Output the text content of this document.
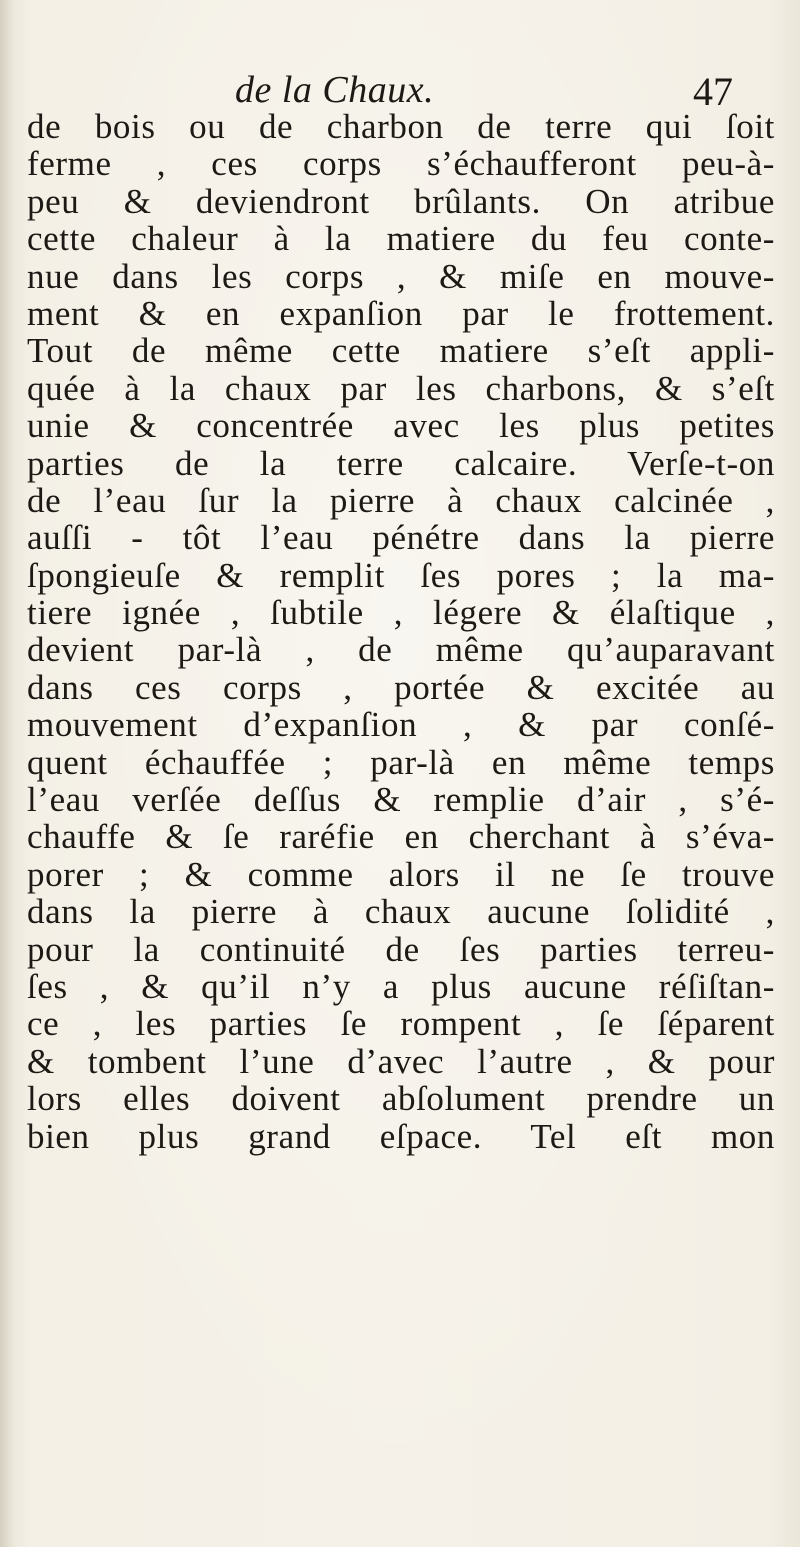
de la Chaux.	47
de bois ou de charbon de terre qui ſoit
ferme , ces corps s’échaufferont peu-à-
peu & deviendront brûlants. On atribue
cette chaleur à la matiere du feu conte-
nue dans les corps , & miſe en mouve-
ment & en expanſion par le frottement.
Tout de même cette matiere s’eſt appli-
quée à la chaux par les charbons, & s’eſt
unie & concentrée avec les plus petites
parties de la terre calcaire. Verſe-t-on
de l’eau ſur la pierre à chaux calcinée ,
auſſi - tôt l’eau pénétre dans la pierre
ſpongieuſe & remplit ſes pores ; la ma-
tiere ignée , ſubtile , légere & élaſtique ,
devient par-là , de même qu’auparavant
dans ces corps , portée & excitée au
mouvement d’expanſion , & par conſé-
quent échauffée ; par-là en même temps
l’eau verſée deſſus & remplie d’air , s’é-
chauffe & ſe raréfie en cherchant à s’éva-
porer ; & comme alors il ne ſe trouve
dans la pierre à chaux aucune ſolidité ,
pour la continuité de ſes parties terreu-
ſes , & qu’il n’y a plus aucune réſiſtan-
ce , les parties ſe rompent , ſe ſéparent
& tombent l’une d’avec l’autre , & pour
lors elles doivent abſolument prendre un
bien plus grand eſpace. Tel eſt mon
